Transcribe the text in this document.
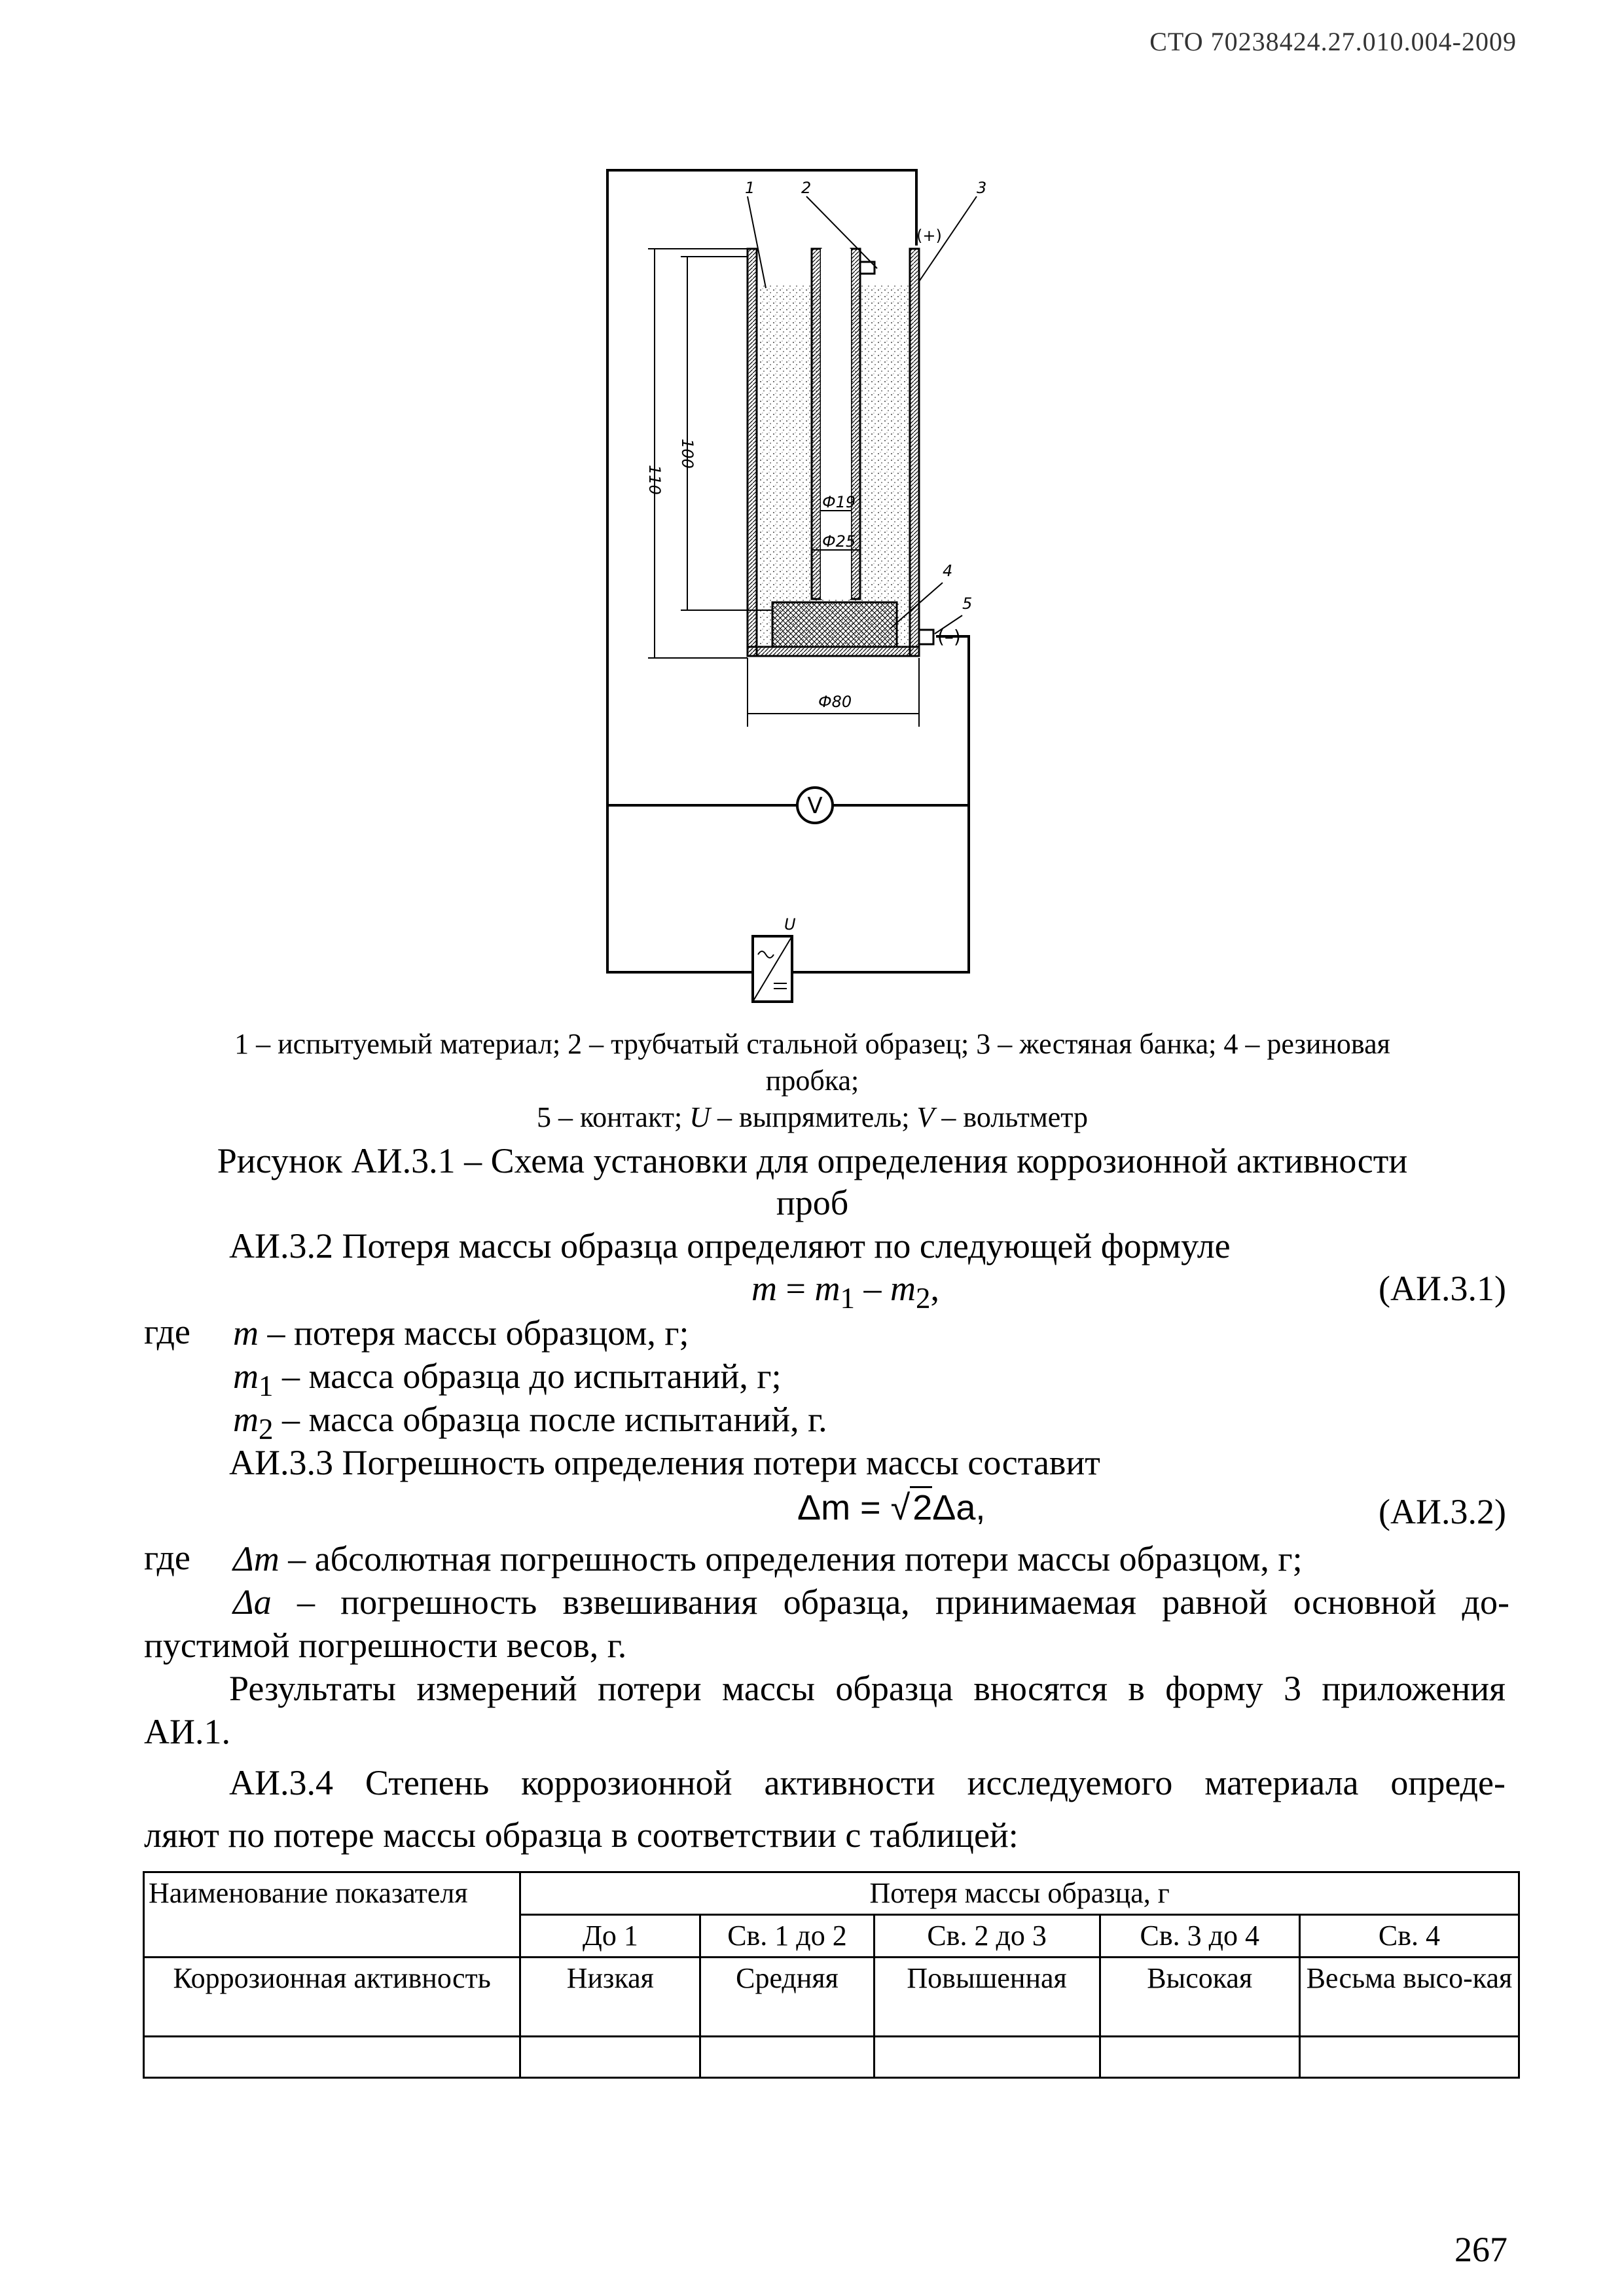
СТО 70238424.27.010.004-2009
1	2	3
4
5
(+)
(–)
110
100
Ф19
Ф25
Ф80
U
V
1 – испытуемый материал; 2 – трубчатый стальной образец; 3 – жестяная банка; 4 – резиновая
пробка;
5 – контакт; U – выпрямитель; V – вольтметр
Рисунок АИ.3.1 – Схема установки для определения коррозионной активности
проб
АИ.3.2 Потеря массы образца определяют по следующей формуле
$m = m_1 - m_2$,	(АИ.3.1)
где m – потеря массы образцом, г;
$m_1$ – масса образца до испытаний, г;
$m_2$ – масса образца после испытаний, г.
АИ.3.3 Погрешность определения потери массы составит
Δm = √2Δa,	(АИ.3.2)
где Δm – абсолютная погрешность определения потери массы образцом, г;
Δa – погрешность взвешивания образца, принимаемая равной основной до-
пустимой погрешности весов, г.
Результаты измерений потери массы образца вносятся в форму 3 приложения
АИ.1.
АИ.3.4 Степень коррозионной активности исследуемого материала опреде-
ляют по потере массы образца в соответствии с таблицей:
Наименование показателя	Потеря массы образца, г				
	До 1	Св. 1 до 2	Св. 2 до 3	Св. 3 до 4	Св. 4
Коррозионная активность	Низкая	Средняя	Повышенная	Высокая	Весьма высо-кая

267
